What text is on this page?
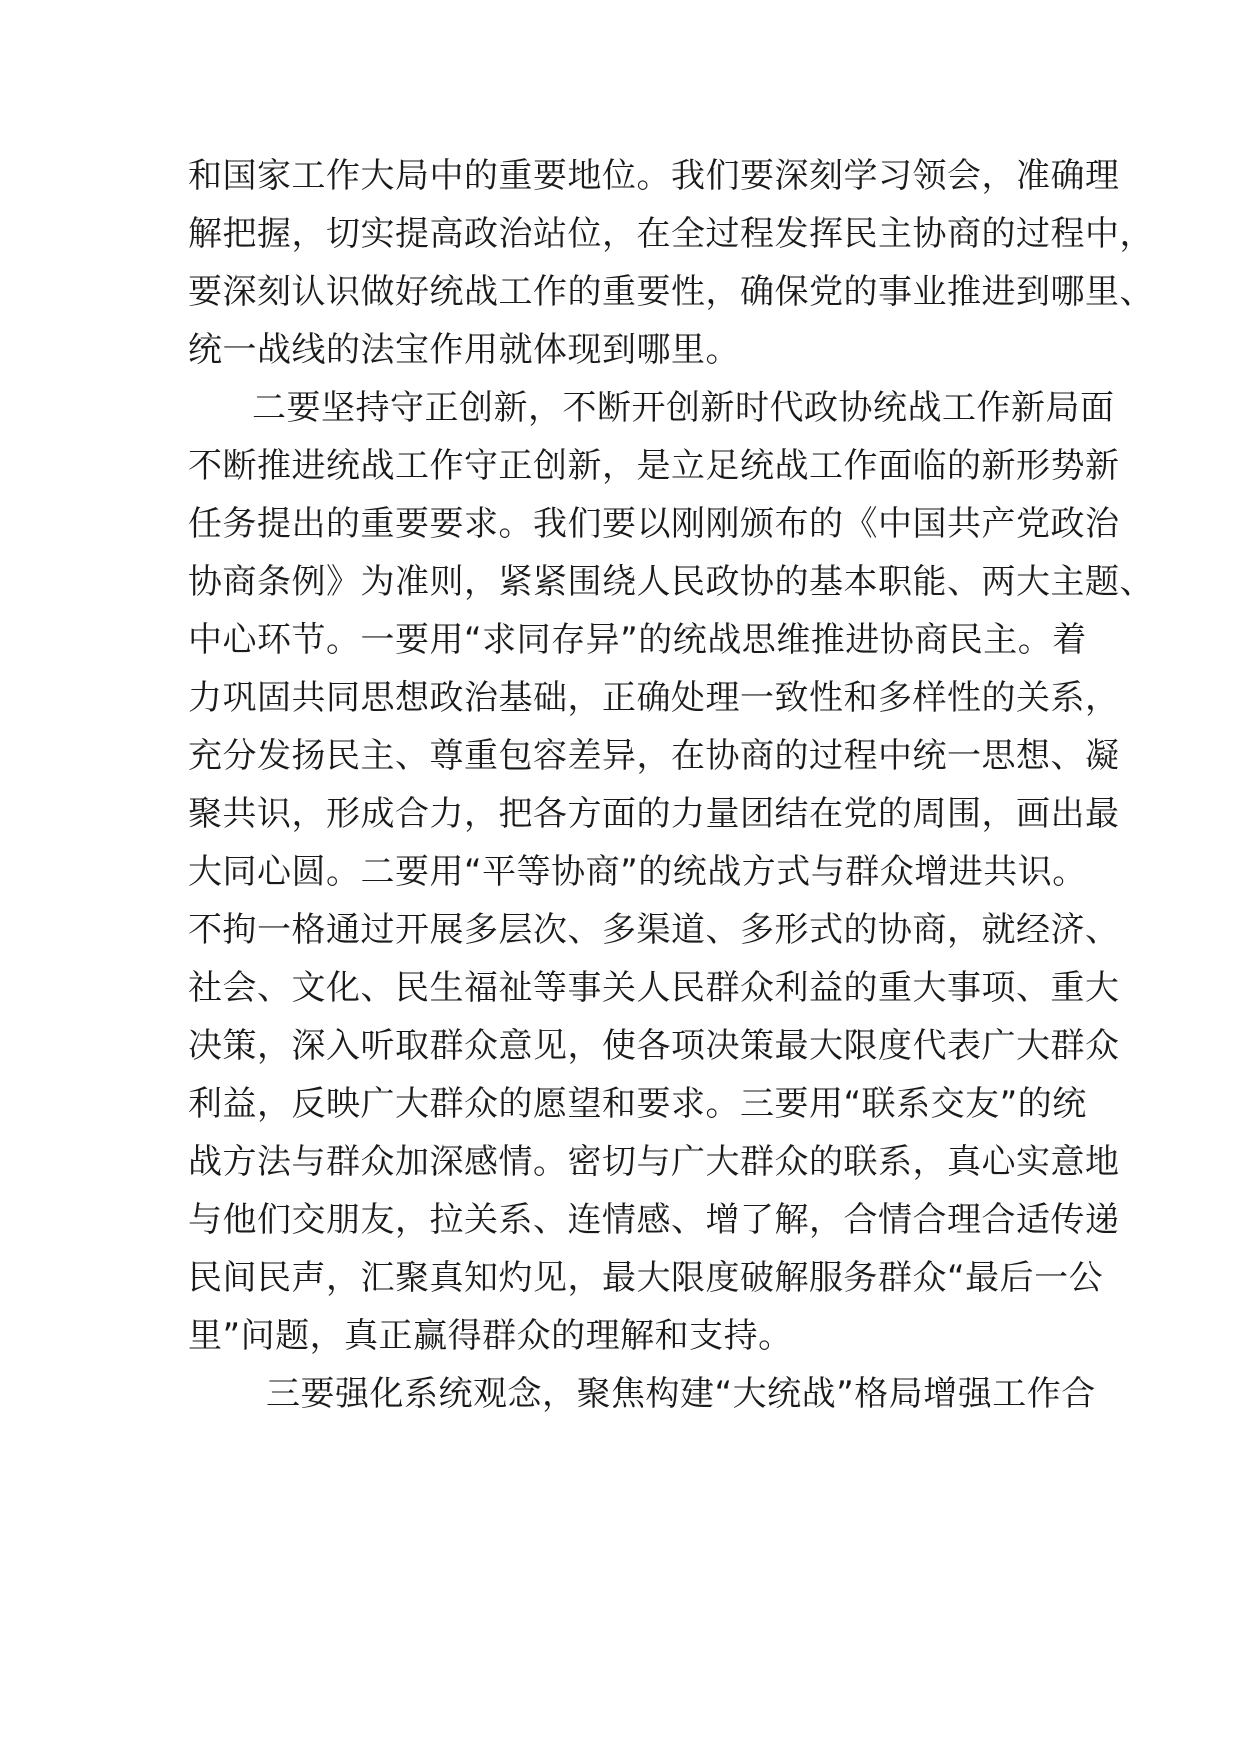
和国家工作大局中的重要地位。我们要深刻学习领会，准确理
解把握，切实提高政治站位，在全过程发挥民主协商的过程中，
要深刻认识做好统战工作的重要性，确保党的事业推进到哪里、
统一战线的法宝作用就体现到哪里。
二要坚持守正创新，不断开创新时代政协统战工作新局面
不断推进统战工作守正创新，是立足统战工作面临的新形势新
任务提出的重要要求。我们要以刚刚颁布的《中国共产党政治
协商条例》为准则，紧紧围绕人民政协的基本职能、两大主题、
中心环节。一要用“求同存异”的统战思维推进协商民主。着
力巩固共同思想政治基础，正确处理一致性和多样性的关系，
充分发扬民主、尊重包容差异，在协商的过程中统一思想、凝
聚共识，形成合力，把各方面的力量团结在党的周围，画出最
大同心圆。二要用“平等协商”的统战方式与群众增进共识。
不拘一格通过开展多层次、多渠道、多形式的协商，就经济、
社会、文化、民生福祉等事关人民群众利益的重大事项、重大
决策，深入听取群众意见，使各项决策最大限度代表广大群众
利益，反映广大群众的愿望和要求。三要用“联系交友”的统
战方法与群众加深感情。密切与广大群众的联系，真心实意地
与他们交朋友，拉关系、连情感、增了解，合情合理合适传递
民间民声，汇聚真知灼见，最大限度破解服务群众“最后一公
里”问题，真正赢得群众的理解和支持。
三要强化系统观念，聚焦构建“大统战”格局增强工作合
